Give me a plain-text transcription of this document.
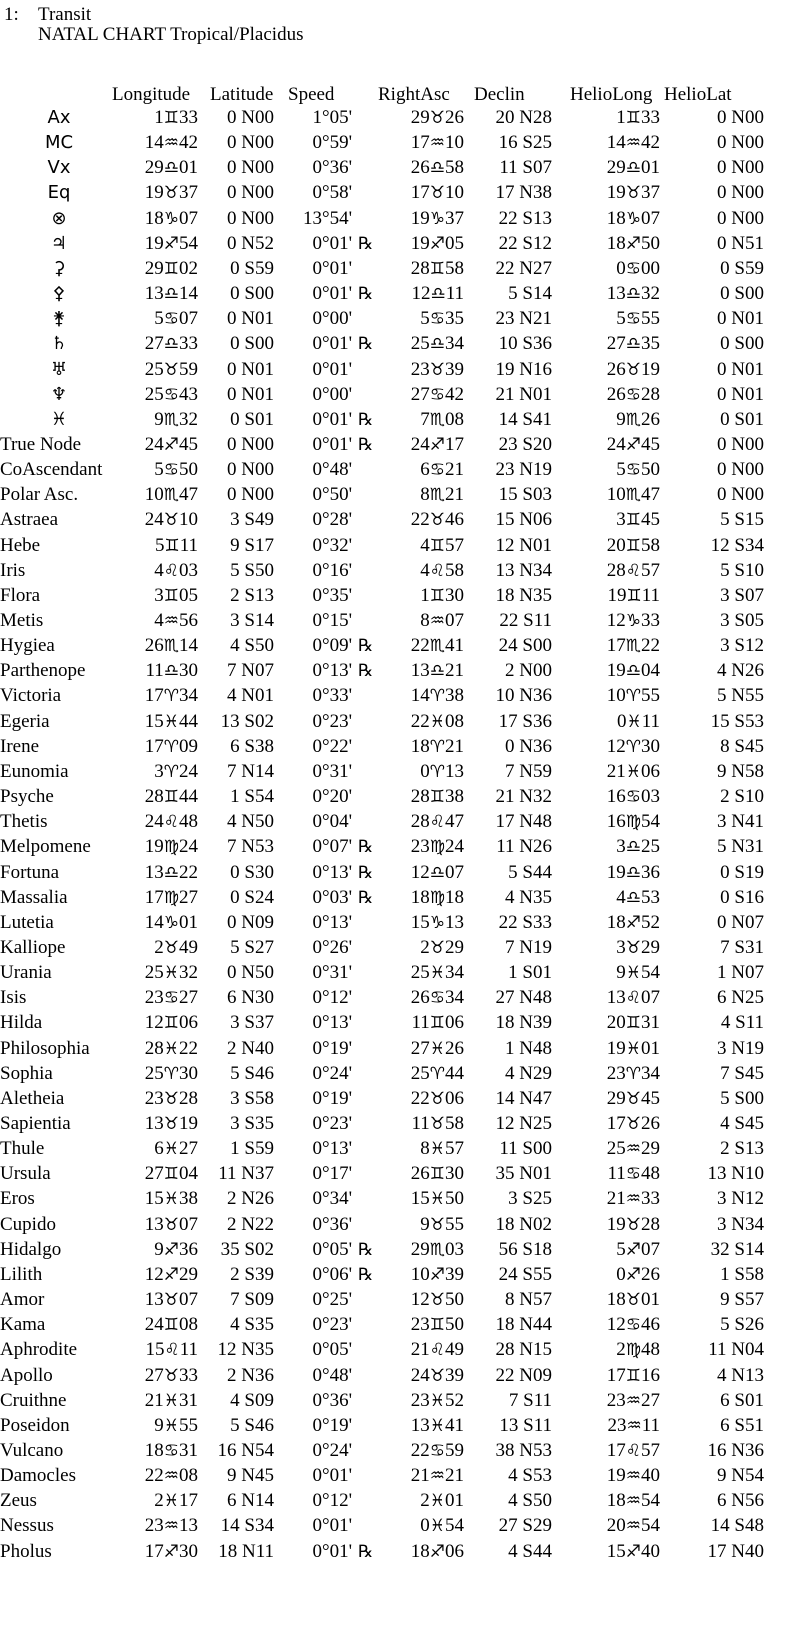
1: Transit
NATAL CHART Tropical/Placidus
Longitude Latitude Speed RightAsc Declin HelioLong HelioLat
Ax	1♊33	0 N00	1°05'	29♉26	20 N28	1♊33	0 N00
MC	14♒42	0 N00	0°59'	17♒10	16 S25	14♒42	0 N00
Vx	29♎01	0 N00	0°36'	26♎58	11 S07	29♎01	0 N00
Eq	19♉37	0 N00	0°58'	17♉10	17 N38	19♉37	0 N00
⊗	18♑07	0 N00	13°54'	19♑37	22 S13	18♑07	0 N00
♃	19♐54	0 N52	0°01' ℞	19♐05	22 S12	18♐50	0 N51
⚳	29♊02	0 S59	0°01'	28♊58	22 N27	0♋00	0 S59
⚴	13♎14	0 S00	0°01' ℞	12♎11	5 S14	13♎32	0 S00
⚵	5♋07	0 N01	0°00'	5♋35	23 N21	5♋55	0 N01
♄	27♎33	0 S00	0°01' ℞	25♎34	10 S36	27♎35	0 S00
♅	25♉59	0 N01	0°01'	23♉39	19 N16	26♉19	0 N01
♆	25♋43	0 N01	0°00'	27♋42	21 N01	26♋28	0 N01
♓	9♏32	0 S01	0°01' ℞	7♏08	14 S41	9♏26	0 S01
True Node	24♐45	0 N00	0°01' ℞	24♐17	23 S20	24♐45	0 N00
CoAscendant	5♋50	0 N00	0°48'	6♋21	23 N19	5♋50	0 N00
Polar Asc.	10♏47	0 N00	0°50'	8♏21	15 S03	10♏47	0 N00
Astraea	24♉10	3 S49	0°28'	22♉46	15 N06	3♊45	5 S15
Hebe	5♊11	9 S17	0°32'	4♊57	12 N01	20♊58	12 S34
Iris	4♌03	5 S50	0°16'	4♌58	13 N34	28♌57	5 S10
Flora	3♊05	2 S13	0°35'	1♊30	18 N35	19♊11	3 S07
Metis	4♒56	3 S14	0°15'	8♒07	22 S11	12♑33	3 S05
Hygiea	26♏14	4 S50	0°09' ℞	22♏41	24 S00	17♏22	3 S12
Parthenope	11♎30	7 N07	0°13' ℞	13♎21	2 N00	19♎04	4 N26
Victoria	17♈34	4 N01	0°33'	14♈38	10 N36	10♈55	5 N55
Egeria	15♓44	13 S02	0°23'	22♓08	17 S36	0♓11	15 S53
Irene	17♈09	6 S38	0°22'	18♈21	0 N36	12♈30	8 S45
Eunomia	3♈24	7 N14	0°31'	0♈13	7 N59	21♓06	9 N58
Psyche	28♊44	1 S54	0°20'	28♊38	21 N32	16♋03	2 S10
Thetis	24♌48	4 N50	0°04'	28♌47	17 N48	16♍54	3 N41
Melpomene	19♍24	7 N53	0°07' ℞	23♍24	11 N26	3♎25	5 N31
Fortuna	13♎22	0 S30	0°13' ℞	12♎07	5 S44	19♎36	0 S19
Massalia	17♍27	0 S24	0°03' ℞	18♍18	4 N35	4♎53	0 S16
Lutetia	14♑01	0 N09	0°13'	15♑13	22 S33	18♐52	0 N07
Kalliope	2♉49	5 S27	0°26'	2♉29	7 N19	3♉29	7 S31
Urania	25♓32	0 N50	0°31'	25♓34	1 S01	9♓54	1 N07
Isis	23♋27	6 N30	0°12'	26♋34	27 N48	13♌07	6 N25
Hilda	12♊06	3 S37	0°13'	11♊06	18 N39	20♊31	4 S11
Philosophia	28♓22	2 N40	0°19'	27♓26	1 N48	19♓01	3 N19
Sophia	25♈30	5 S46	0°24'	25♈44	4 N29	23♈34	7 S45
Aletheia	23♉28	3 S58	0°19'	22♉06	14 N47	29♉45	5 S00
Sapientia	13♉19	3 S35	0°23'	11♉58	12 N25	17♉26	4 S45
Thule	6♓27	1 S59	0°13'	8♓57	11 S00	25♒29	2 S13
Ursula	27♊04	11 N37	0°17'	26♊30	35 N01	11♋48	13 N10
Eros	15♓38	2 N26	0°34'	15♓50	3 S25	21♒33	3 N12
Cupido	13♉07	2 N22	0°36'	9♉55	18 N02	19♉28	3 N34
Hidalgo	9♐36	35 S02	0°05' ℞	29♏03	56 S18	5♐07	32 S14
Lilith	12♐29	2 S39	0°06' ℞	10♐39	24 S55	0♐26	1 S58
Amor	13♉07	7 S09	0°25'	12♉50	8 N57	18♉01	9 S57
Kama	24♊08	4 S35	0°23'	23♊50	18 N44	12♋46	5 S26
Aphrodite	15♌11	12 N35	0°05'	21♌49	28 N15	2♍48	11 N04
Apollo	27♉33	2 N36	0°48'	24♉39	22 N09	17♊16	4 N13
Cruithne	21♓31	4 S09	0°36'	23♓52	7 S11	23♒27	6 S01
Poseidon	9♓55	5 S46	0°19'	13♓41	13 S11	23♒11	6 S51
Vulcano	18♋31	16 N54	0°24'	22♋59	38 N53	17♌57	16 N36
Damocles	22♒08	9 N45	0°01'	21♒21	4 S53	19♒40	9 N54
Zeus	2♓17	6 N14	0°12'	2♓01	4 S50	18♒54	6 N56
Nessus	23♒13	14 S34	0°01'	0♓54	27 S29	20♒54	14 S48
Pholus	17♐30	18 N11	0°01' ℞	18♐06	4 S44	15♐40	17 N40
